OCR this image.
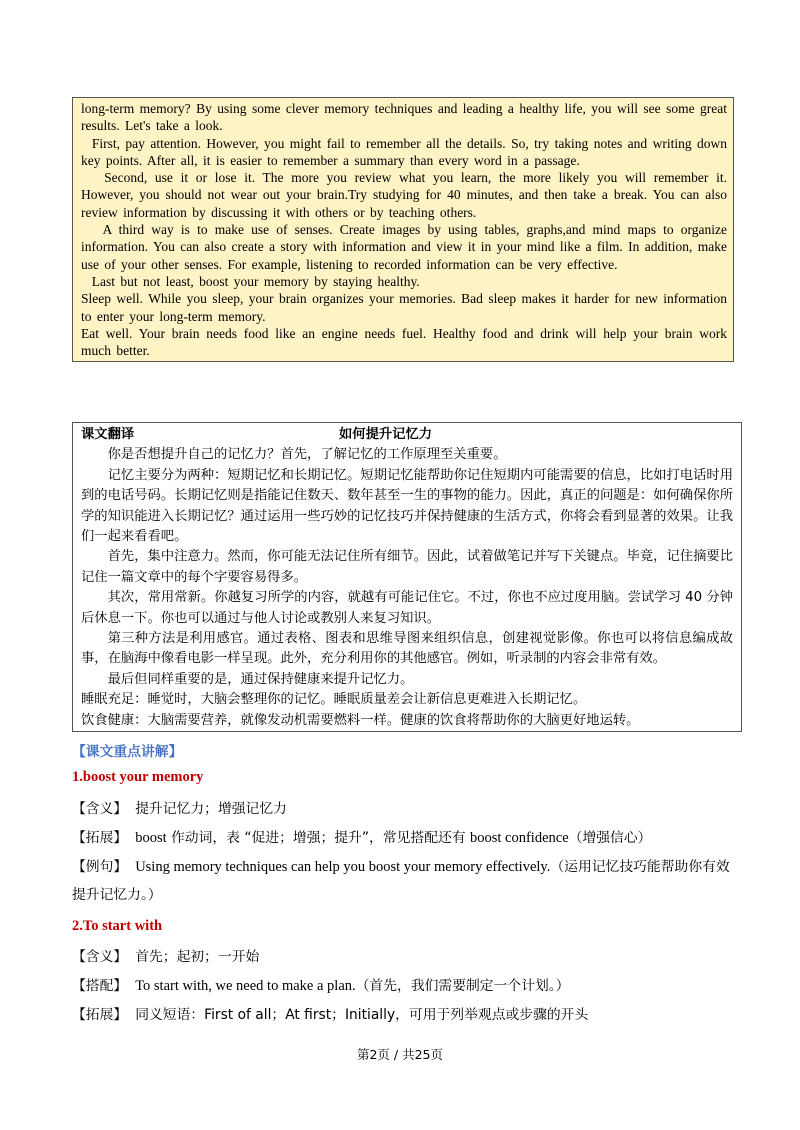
long-term memory? By using some clever memory techniques and leading a healthy life, you will see some great results. Let's take a look.

First, pay attention. However, you might fail to remember all the details. So, try taking notes and writing down key points. After all, it is easier to remember a summary than every word in a passage.

Second, use it or lose it. The more you review what you learn, the more likely you will remember it. However, you should not wear out your brain.Try studying for 40 minutes, and then take a break. You can also review information by discussing it with others or by teaching others.

A third way is to make use of senses. Create images by using tables, graphs,and mind maps to organize information. You can also create a story with information and view it in your mind like a film. In addition, make use of your other senses. For example, listening to recorded information can be very effective.

Last but not least, boost your memory by staying healthy.

Sleep well. While you sleep, your brain organizes your memories. Bad sleep makes it harder for new information to enter your long-term memory.

Eat well. Your brain needs food like an engine needs fuel. Healthy food and drink will help your brain work much better.

课文翻译	如何提升记忆力

你是否想提升自己的记忆力？首先，了解记忆的工作原理至关重要。

记忆主要分为两种：短期记忆和长期记忆。短期记忆能帮助你记住短期内可能需要的信息，比如打电话时用到的电话号码。长期记忆则是指能记住数天、数年甚至一生的事物的能力。因此，真正的问题是：如何确保你所学的知识能进入长期记忆？通过运用一些巧妙的记忆技巧并保持健康的生活方式，你将会看到显著的效果。让我们一起来看看吧。

首先，集中注意力。然而，你可能无法记住所有细节。因此，试着做笔记并写下关键点。毕竟，记住摘要比记住一篇文章中的每个字要容易得多。

其次，常用常新。你越复习所学的内容，就越有可能记住它。不过，你也不应过度用脑。尝试学习 40 分钟后休息一下。你也可以通过与他人讨论或教别人来复习知识。

第三种方法是利用感官。通过表格、图表和思维导图来组织信息，创建视觉影像。你也可以将信息编成故事，在脑海中像看电影一样呈现。此外，充分利用你的其他感官。例如，听录制的内容会非常有效。

最后但同样重要的是，通过保持健康来提升记忆力。

睡眠充足：睡觉时，大脑会整理你的记忆。睡眠质量差会让新信息更难进入长期记忆。

饮食健康：大脑需要营养，就像发动机需要燃料一样。健康的饮食将帮助你的大脑更好地运转。

【课文重点讲解】
1.boost your memory
【含义】 提升记忆力；增强记忆力
【拓展】 boost 作动词，表 “促进；增强；提升”，常见搭配还有 boost confidence（增强信心）
【例句】 Using memory techniques can help you boost your memory effectively.（运用记忆技巧能帮助你有效提升记忆力。）
2.To start with
【含义】 首先；起初；一开始
【搭配】 To start with, we need to make a plan.（首先，我们需要制定一个计划。）
【拓展】 同义短语：First of all；At first；Initially，可用于列举观点或步骤的开头
第2页 / 共25页
